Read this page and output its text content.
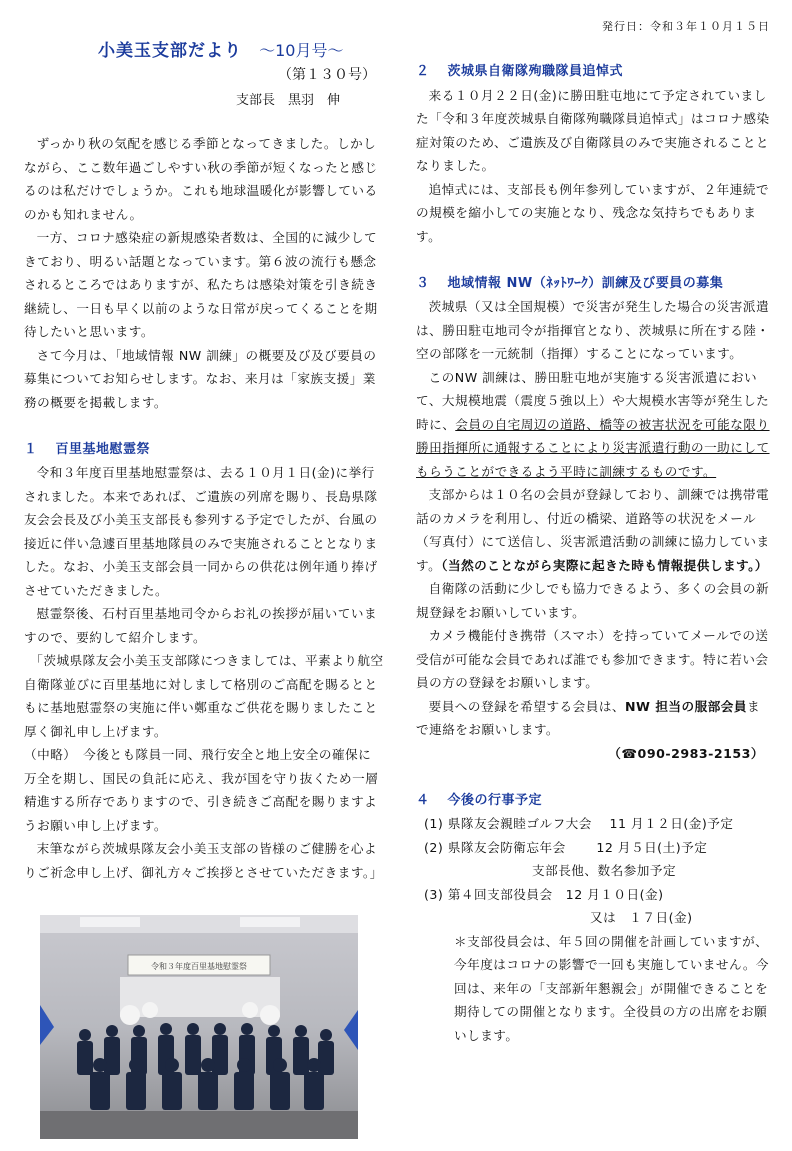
発行日：令和３年１０月１５日
小美玉支部だより ～10月号～
（第１３０号）
支部長　黒羽　伸

ずっかり秋の気配を感じる季節となってきました。しかしながら、ここ数年過ごしやすい秋の季節が短くなったと感じるのは私だけでしょうか。これも地球温暖化が影響しているのかも知れません。

一方、コロナ感染症の新規感染者数は、全国的に減少してきており、明るい話題となっています。第６波の流行も懸念されるところではありますが、私たちは感染対策を引き続き継続し、一日も早く以前のような日常が戻ってくることを期待したいと思います。

さて今月は、「地域情報 NW 訓練」の概要及び及び要員の募集についてお知らせします。なお、来月は「家族支援」業務の概要を掲載します。

１ 百里基地慰霊祭

令和３年度百里基地慰霊祭は、去る１０月１日(金)に挙行されました。本来であれば、ご遺族の列席を賜り、長島県隊友会会長及び小美玉支部長も参列する予定でしたが、台風の接近に伴い急遽百里基地隊員のみで実施されることとなりました。なお、小美玉支部会員一同からの供花は例年通り捧げさせていただきました。

慰霊祭後、石村百里基地司令からお礼の挨拶が届いていますので、要約して紹介します。

「茨城県隊友会小美玉支部隊につきましては、平素より航空自衛隊並びに百里基地に対しまして格別のご高配を賜るとともに基地慰霊祭の実施に伴い鄭重なご供花を賜りましたこと厚く御礼申し上げます。

（中略）　今後とも隊員一同、飛行安全と地上安全の確保に万全を期し、国民の負託に応え、我が国を守り抜くため一層精進する所存でありますので、引き続きご高配を賜りますようお願い申し上げます。

末筆ながら茨城県隊友会小美玉支部の皆様のご健勝を心よりご祈念申し上げ、御礼方々ご挨拶とさせていただきます。」

令和３年度百里基地慰霊祭

２ 茨城県自衛隊殉職隊員追悼式

来る１０月２２日(金)に勝田駐屯地にて予定されていました「令和３年度茨城県自衛隊殉職隊員追悼式」はコロナ感染症対策のため、ご遺族及び自衛隊員のみで実施されることとなりました。

追悼式には、支部長も例年参列していますが、２年連続での規模を縮小しての実施となり、残念な気持ちでもあります。

３ 地域情報 NW（ﾈｯﾄﾜｰｸ）訓練及び要員の募集

茨城県（又は全国規模）で災害が発生した場合の災害派遣は、勝田駐屯地司令が指揮官となり、茨城県に所在する陸・空の部隊を一元統制（指揮）することになっています。

このNW 訓練は、勝田駐屯地が実施する災害派遣において、大規模地震（震度５強以上）や大規模水害等が発生した時に、会員の自宅周辺の道路、橋等の被害状況を可能な限り勝田指揮所に通報することにより災害派遣行動の一助にしてもらうことができるよう平時に訓練するものです。

支部からは１０名の会員が登録しており、訓練では携帯電話のカメラを利用し、付近の橋梁、道路等の状況をメール（写真付）にて送信し、災害派遣活動の訓練に協力しています。（当然のことながら実際に起きた時も情報提供します。）

自衛隊の活動に少しでも協力できるよう、多くの会員の新規登録をお願いしています。

カメラ機能付き携帯（スマホ）を持っていてメールでの送受信が可能な会員であれば誰でも参加できます。特に若い会員の方の登録をお願いします。

要員への登録を希望する会員は、NW 担当の服部会員まで連絡をお願いします。

（☎090-2983-2153）

４ 今後の行事予定

(1) 県隊友会親睦ゴルフ大会　 11 月１２日(金)予定

(2) 県隊友会防衛忘年会　　 12 月５日(土)予定

支部長他、数名参加予定

(3) 第４回支部役員会　12 月１０日(金)

又は　１７日(金)

＊支部役員会は、年５回の開催を計画していますが、今年度はコロナの影響で一回も実施していません。今回は、来年の「支部新年懇親会」が開催できることを期待しての開催となります。全役員の方の出席をお願いします。
